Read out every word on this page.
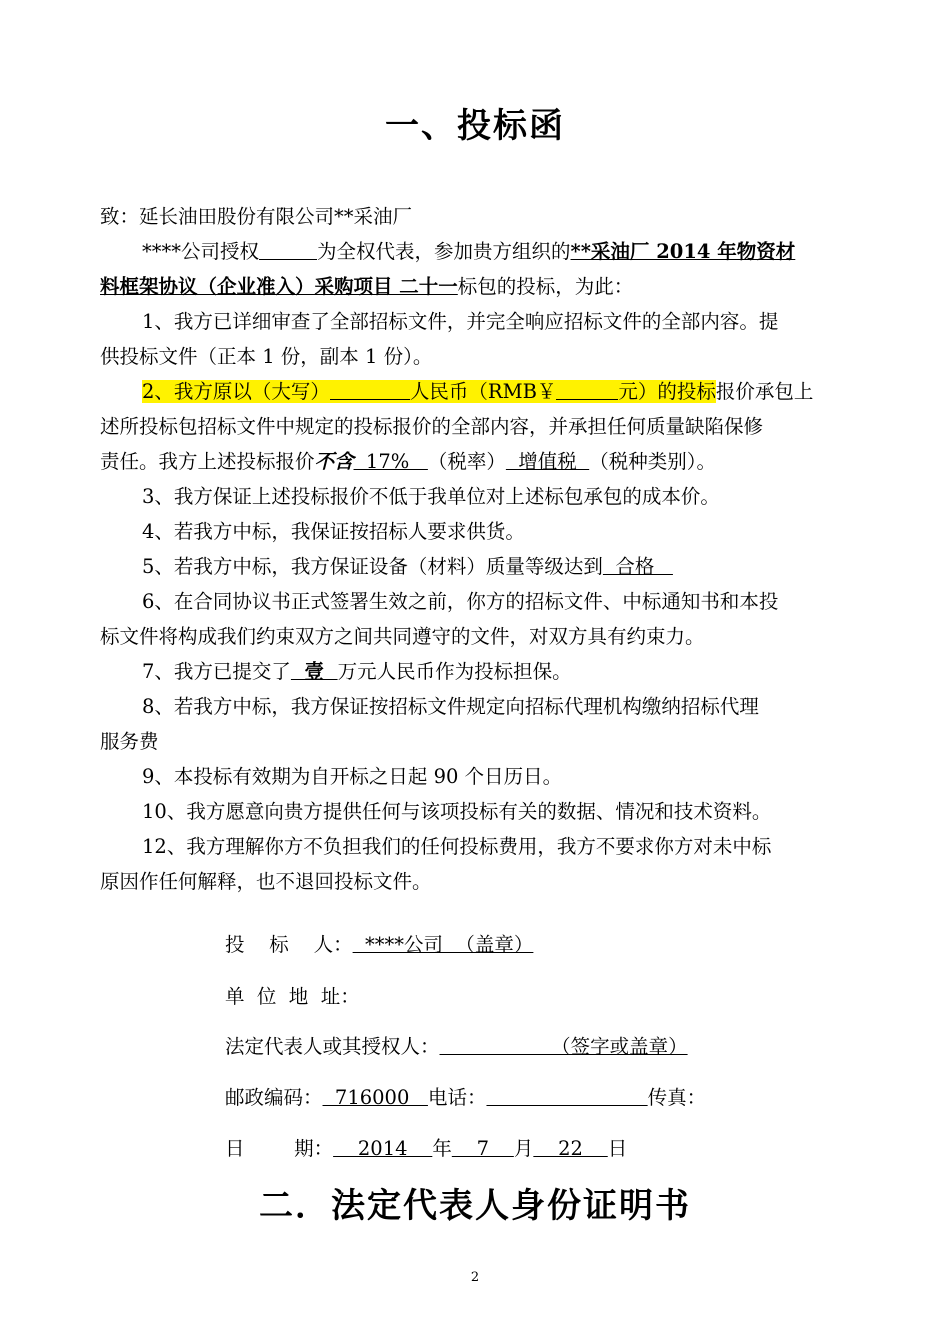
一、投标函
致：延长油田股份有限公司**采油厂
****公司授权	为全权代表，参加贵方组织的**采油厂 2014 年物资材
料框架协议（企业准入）采购项目 二十一标包的投标，为此：
1、我方已详细审查了全部招标文件，并完全响应招标文件的全部内容。提
供投标文件（正本 1 份，副本 1 份）。
2、我方原以（大写）	人民币（RMB￥	元）的投标报价承包上
述所投标包招标文件中规定的投标报价的全部内容，并承担任何质量缺陷保修
责任。我方上述投标报价不含  17%   （税率）  增值税  （税种类别）。
3、我方保证上述投标报价不低于我单位对上述标包承包的成本价。
4、若我方中标，我保证按招标人要求供货。
5、若我方中标，我方保证设备（材料）质量等级达到  合格
6、在合同协议书正式签署生效之前，你方的招标文件、中标通知书和本投
标文件将构成我们约束双方之间共同遵守的文件，对双方具有约束力。
7、我方已提交了  壹  万元人民币作为投标担保。
8、若我方中标，我方保证按招标文件规定向招标代理机构缴纳招标代理
服务费
9、本投标有效期为自开标之日起 90 个日历日。
10、我方愿意向贵方提供任何与该项投标有关的数据、情况和技术资料。
12、我方理解你方不负担我们的任何投标费用，我方不要求你方对未中标
原因作任何解释，也不退回投标文件。
投    标    人：  ****公司  （盖章）
单  位  地  址：
法定代表人或其授权人：                  （签字或盖章）
邮政编码：  716000   电话：	传真：
日        期：    2014    年    7    月    22    日
二．法定代表人身份证明书
2
